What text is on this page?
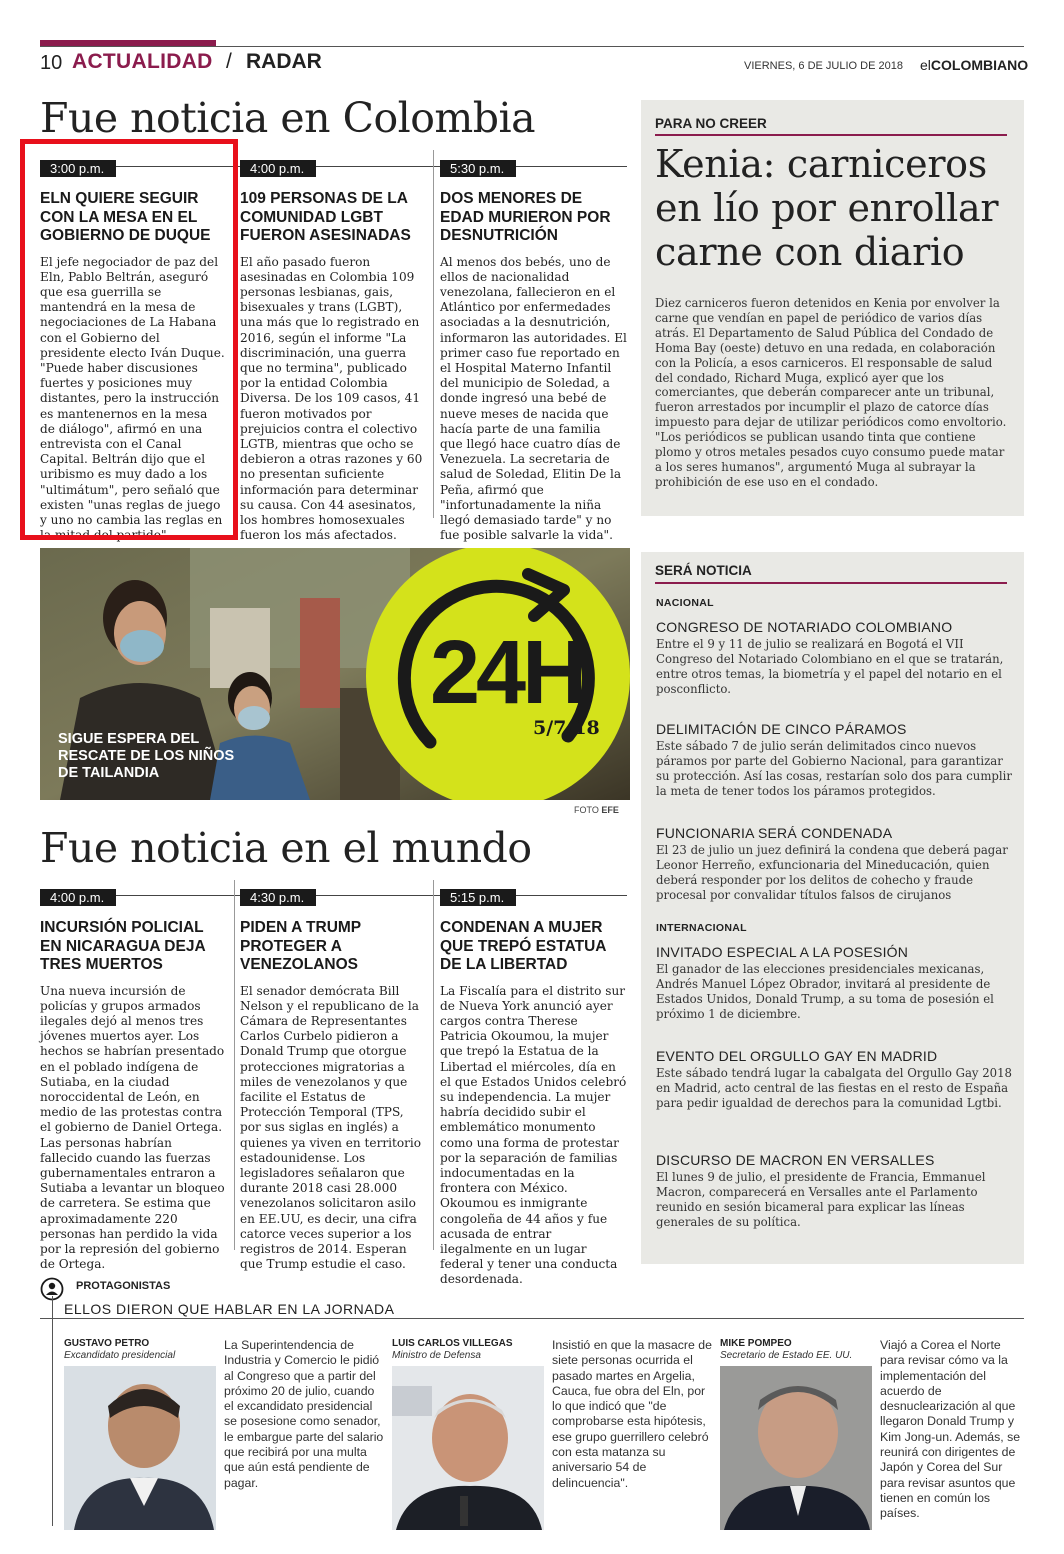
10 ACTUALIDAD / RADAR	VIERNES, 6 DE JULIO DE 2018 elCOLOMBIANO
Fue noticia en Colombia
3:00 p.m.
ELN QUIERE SEGUIR CON LA MESA EN EL GOBIERNO DE DUQUE

El jefe negociador de paz del Eln, Pablo Beltrán, aseguró que esa guerrilla se mantendrá en la mesa de negociaciones de La Habana con el Gobierno del presidente electo Iván Duque. "Puede haber discusiones fuertes y posiciones muy distantes, pero la instrucción es mantenernos en la mesa de diálogo", afirmó en una entrevista con el Canal Capital. Beltrán dijo que el uribismo es muy dado a los "ultimátum", pero señaló que existen "unas reglas de juego y uno no cambia las reglas en la mitad del partido".

4:00 p.m.
109 PERSONAS DE LA COMUNIDAD LGBT FUERON ASESINADAS

El año pasado fueron asesinadas en Colombia 109 personas lesbianas, gais, bisexuales y trans (LGBT), una más que lo registrado en 2016, según el informe "La discriminación, una guerra que no termina", publicado por la entidad Colombia Diversa. De los 109 casos, 41 fueron motivados por prejuicios contra el colectivo LGTB, mientras que ocho se debieron a otras razones y 60 no presentan suficiente información para determinar su causa. Con 44 asesinatos, los hombres homosexuales fueron los más afectados.

5:30 p.m.
DOS MENORES DE EDAD MURIERON POR DESNUTRICIÓN

Al menos dos bebés, uno de ellos de nacionalidad venezolana, fallecieron en el Atlántico por enfermedades asociadas a la desnutrición, informaron las autoridades. El primer caso fue reportado en el Hospital Materno Infantil del municipio de Soledad, a donde ingresó una bebé de nueve meses de nacida que hacía parte de una familia que llegó hace cuatro días de Venezuela. La secretaria de salud de Soledad, Elitin De la Peña, afirmó que "infortunadamente la niña llegó demasiado tarde" y no fue posible salvarle la vida".

PARA NO CREER
Kenia: carniceros en lío por enrollar carne con diario
Diez carniceros fueron detenidos en Kenia por envolver la carne que vendían en papel de periódico de varios días atrás. El Departamento de Salud Pública del Condado de Homa Bay (oeste) detuvo en una redada, en colaboración con la Policía, a esos carniceros. El responsable de salud del condado, Richard Muga, explicó ayer que los comerciantes, que deberán comparecer ante un tribunal, fueron arrestados por incumplir el plazo de catorce días impuesto para dejar de utilizar periódicos como envoltorio. "Los periódicos se publican usando tinta que contiene plomo y otros metales pesados cuyo consumo puede matar a los seres humanos", argumentó Muga al subrayar la prohibición de ese uso en el condado.
SIGUE ESPERA DEL RESCATE DE LOS NIÑOS DE TAILANDIA
24H
5/7/18
FOTO EFE
SERÁ NOTICIA
NACIONAL
CONGRESO DE NOTARIADO COLOMBIANO

Entre el 9 y 11 de julio se realizará en Bogotá el VII Congreso del Notariado Colombiano en el que se tratarán, entre otros temas, la biometría y el papel del notario en el posconflicto.

DELIMITACIÓN DE CINCO PÁRAMOS

Este sábado 7 de julio serán delimitados cinco nuevos páramos por parte del Gobierno Nacional, para garantizar su protección. Así las cosas, restarían solo dos para cumplir la meta de tener todos los páramos protegidos.

FUNCIONARIA SERÁ CONDENADA

El 23 de julio un juez definirá la condena que deberá pagar Leonor Herreño, exfuncionaria del Mineducación, quien deberá responder por los delitos de cohecho y fraude procesal por convalidar títulos falsos de cirujanos

INTERNACIONAL
INVITADO ESPECIAL A LA POSESIÓN

El ganador de las elecciones presidenciales mexicanas, Andrés Manuel López Obrador, invitará al presidente de Estados Unidos, Donald Trump, a su toma de posesión el próximo 1 de diciembre.

EVENTO DEL ORGULLO GAY EN MADRID

Este sábado tendrá lugar la cabalgata del Orgullo Gay 2018 en Madrid, acto central de las fiestas en el resto de España para pedir igualdad de derechos para la comunidad Lgtbi.

DISCURSO DE MACRON EN VERSALLES

El lunes 9 de julio, el presidente de Francia, Emmanuel Macron, comparecerá en Versalles ante el Parlamento reunido en sesión bicameral para explicar las líneas generales de su política.

Fue noticia en el mundo
4:00 p.m.
INCURSIÓN POLICIAL EN NICARAGUA DEJA TRES MUERTOS

Una nueva incursión de policías y grupos armados ilegales dejó al menos tres jóvenes muertos ayer. Los hechos se habrían presentado en el poblado indígena de Sutiaba, en la ciudad noroccidental de León, en medio de las protestas contra el gobierno de Daniel Ortega. Las personas habrían fallecido cuando las fuerzas gubernamentales entraron a Sutiaba a levantar un bloqueo de carretera. Se estima que aproximadamente 220 personas han perdido la vida por la represión del gobierno de Ortega.

4:30 p.m.
PIDEN A TRUMP PROTEGER A VENEZOLANOS

El senador demócrata Bill Nelson y el republicano de la Cámara de Representantes Carlos Curbelo pidieron a Donald Trump que otorgue protecciones migratorias a miles de venezolanos y que facilite el Estatus de Protección Temporal (TPS, por sus siglas en inglés) a quienes ya viven en territorio estadounidense. Los legisladores señalaron que durante 2018 casi 28.000 venezolanos solicitaron asilo en EE.UU, es decir, una cifra catorce veces superior a los registros de 2014. Esperan que Trump estudie el caso.

5:15 p.m.
CONDENAN A MUJER QUE TREPÓ ESTATUA DE LA LIBERTAD

La Fiscalía para el distrito sur de Nueva York anunció ayer cargos contra Therese Patricia Okoumou, la mujer que trepó la Estatua de la Libertad el miércoles, día en el que Estados Unidos celebró su independencia. La mujer habría decidido subir el emblemático monumento como una forma de protestar por la separación de familias indocumentadas en la frontera con México. Okoumou es inmigrante congoleña de 44 años y fue acusada de entrar ilegalmente en un lugar federal y tener una conducta desordenada.

PROTAGONISTAS
ELLOS DIERON QUE HABLAR EN LA JORNADA
GUSTAVO PETRO
Excandidato presidencial
La Superintendencia de Industria y Comercio le pidió al Congreso que a partir del próximo 20 de julio, cuando el excandidato presidencial se posesione como senador, le embargue parte del salario que recibirá por una multa que aún está pendiente de pagar.
LUIS CARLOS VILLEGAS
Ministro de Defensa
Insistió en que la masacre de siete personas ocurrida el pasado martes en Argelia, Cauca, fue obra del Eln, por lo que indicó que "de comprobarse esta hipótesis, ese grupo guerrillero celebró con esta matanza su aniversario 54 de delincuencia".
MIKE POMPEO
Secretario de Estado EE. UU.
Viajó a Corea el Norte para revisar cómo va la implementación del acuerdo de desnuclearización al que llegaron Donald Trump y Kim Jong-un. Además, se reunirá con dirigentes de Japón y Corea del Sur para revisar asuntos que tienen en común los países.
